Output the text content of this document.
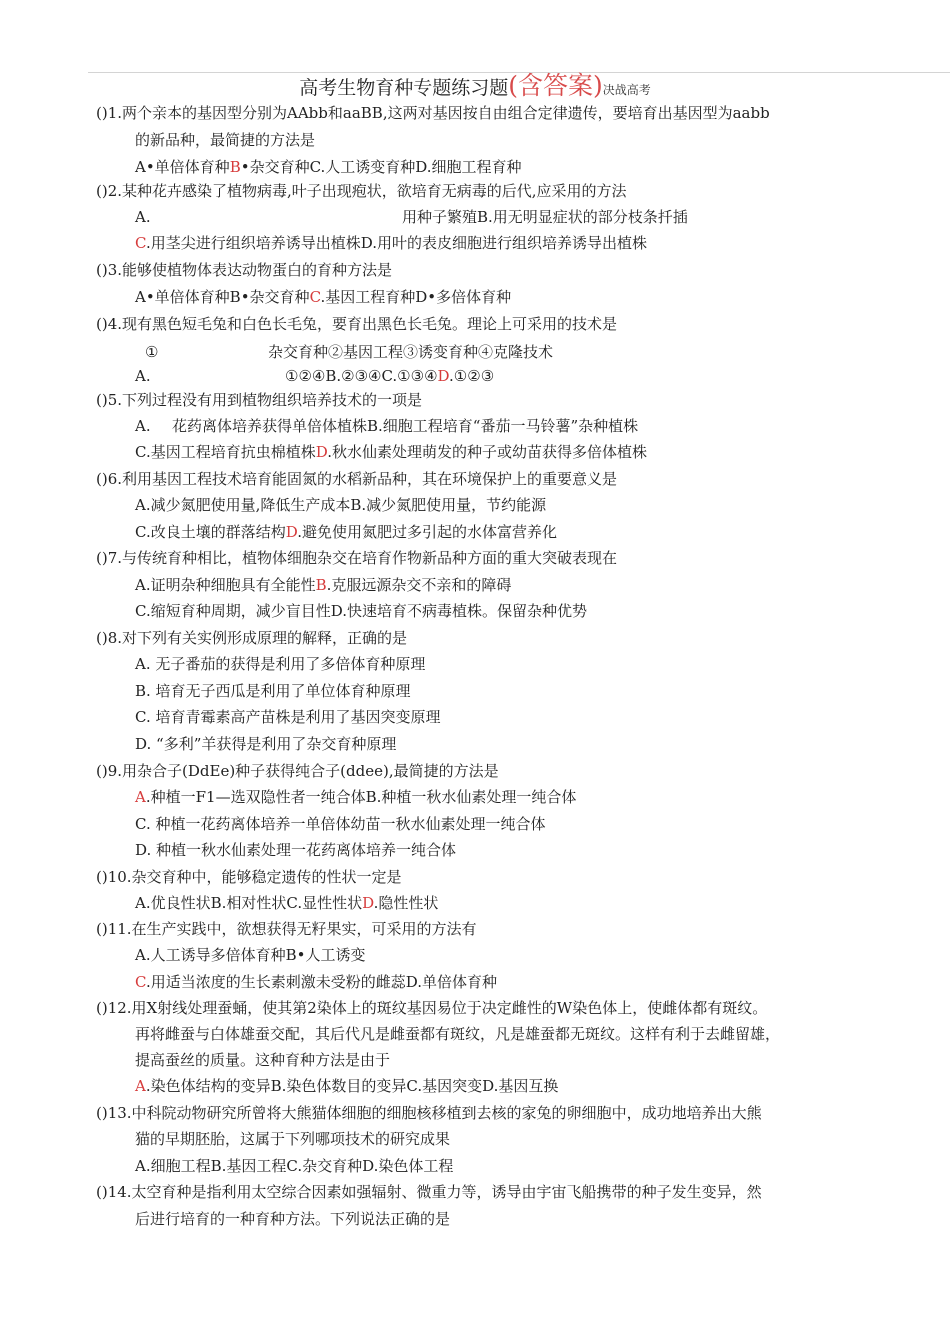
高考生物育种专题练习题(含答案)决战高考
()1.两个亲本的基因型分别为AAbb和aaBB,这两对基因按自由组合定律遗传，要培育出基因型为aabb
的新品种，最简捷的方法是
A•单倍体育种B•杂交育种C.人工诱变育种D.细胞工程育种
()2.某种花卉感染了植物病毒,叶子出现疱状，欲培育无病毒的后代,应采用的方法
A.	用种子繁殖B.用无明显症状的部分枝条扦插
C.用茎尖进行组织培养诱导出植株D.用叶的表皮细胞进行组织培养诱导出植株
()3.能够使植物体表达动物蛋白的育种方法是
A•单倍体育种B•杂交育种C.基因工程育种D•多倍体育种
()4.现有黑色短毛兔和白色长毛兔，要育出黑色长毛兔。理论上可采用的技术是
①	杂交育种②基因工程③诱变育种④克隆技术
A.	①②④B.②③④C.①③④D.①②③
()5.下列过程没有用到植物组织培养技术的一项是
A. 花药离体培养获得单倍体植株B.细胞工程培育“番茄一马铃薯”杂种植株
C.基因工程培育抗虫棉植株D.秋水仙素处理萌发的种子或幼苗获得多倍体植株
()6.利用基因工程技术培育能固氮的水稻新品种，其在环境保护上的重要意义是
A.减少氮肥使用量,降低生产成本B.减少氮肥使用量，节约能源
C.改良土壤的群落结构D.避免使用氮肥过多引起的水体富营养化
()7.与传统育种相比，植物体细胞杂交在培育作物新品种方面的重大突破表现在
A.证明杂种细胞具有全能性B.克服远源杂交不亲和的障碍
C.缩短育种周期，减少盲目性D.快速培育不病毒植株。保留杂种优势
()8.对下列有关实例形成原理的解释，正确的是
A. 无子番茄的获得是利用了多倍体育种原理
B. 培育无子西瓜是利用了单位体育种原理
C. 培育青霉素高产苗株是利用了基因突变原理
D. “多利”羊获得是利用了杂交育种原理
()9.用杂合子(DdEe)种子获得纯合子(ddee),最简捷的方法是
A.种植一F1—选双隐性者一纯合体B.种植一秋水仙素处理一纯合体
C. 种植一花药离体培养一单倍体幼苗一秋水仙素处理一纯合体
D. 种植一秋水仙素处理一花药离体培养一纯合体
()10.杂交育种中，能够稳定遗传的性状一定是
A.优良性状B.相对性状C.显性性状D.隐性性状
()11.在生产实践中，欲想获得无籽果实，可采用的方法有
A.人工诱导多倍体育种B•人工诱变
C.用适当浓度的生长素刺激未受粉的雌蕊D.单倍体育种
()12.用X射线处理蚕蛹，使其第2染体上的斑纹基因易位于决定雌性的W染色体上，使雌体都有斑纹。
再将雌蚕与白体雄蚕交配，其后代凡是雌蚕都有斑纹，凡是雄蚕都无斑纹。这样有利于去雌留雄，
提高蚕丝的质量。这种育种方法是由于
A.染色体结构的变异B.染色体数目的变异C.基因突变D.基因互换
()13.中科院动物研究所曾将大熊猫体细胞的细胞核移植到去核的家兔的卵细胞中，成功地培养出大熊
猫的早期胚胎，这属于下列哪项技术的研究成果
A.细胞工程B.基因工程C.杂交育种D.染色体工程
()14.太空育种是指利用太空综合因素如强辐射、微重力等，诱导由宇宙飞船携带的种子发生变异，然
后进行培育的一种育种方法。下列说法正确的是
